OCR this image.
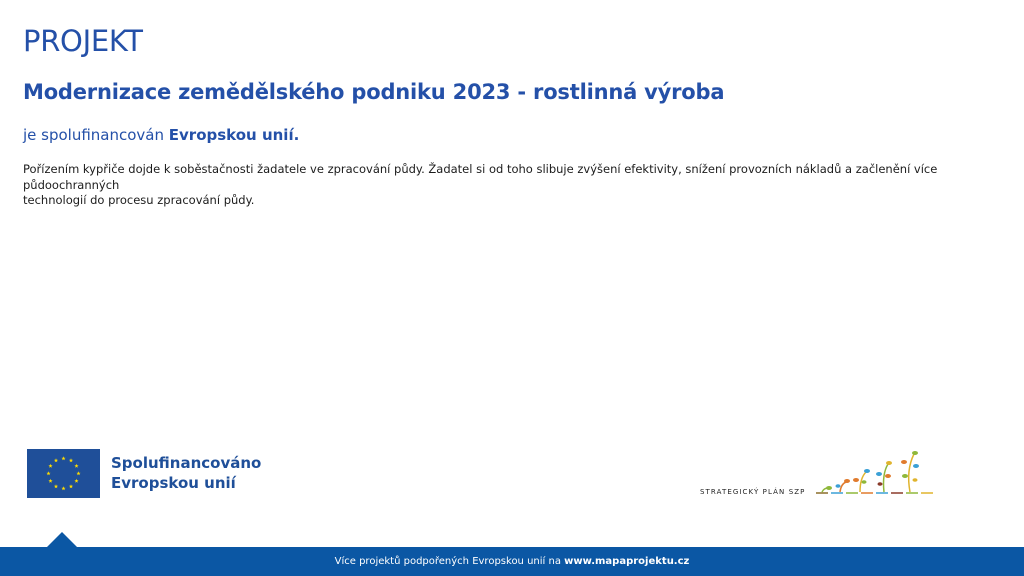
PROJEKT
Modernizace zemědělského podniku 2023 - rostlinná výroba
je spolufinancován Evropskou unií.
Pořízením kypřiče dojde k soběstačnosti žadatele ve zpracování půdy. Žadatel si od toho slibuje zvýšení efektivity, snížení provozních nákladů a začlenění více půdoochranných
technologií do procesu zpracování půdy.
Spolufinancováno
Evropskou unií	STRATEGICKÝ PLÁN SZP
Více projektů podpořených Evropskou unií na www.mapaprojektu.cz
